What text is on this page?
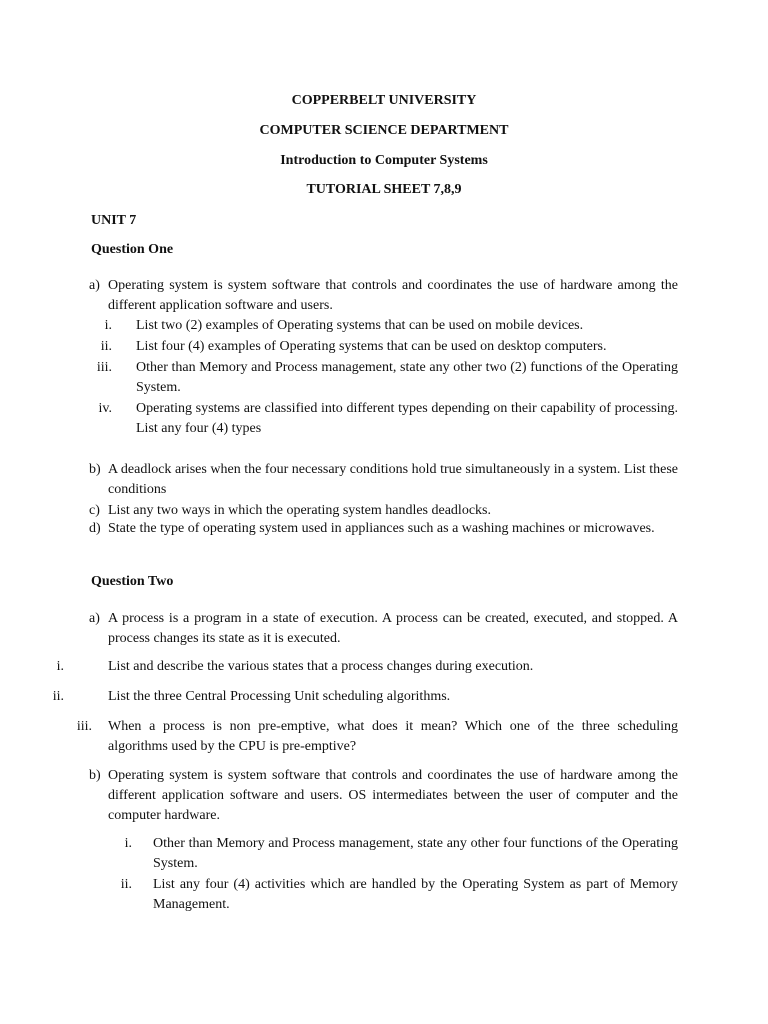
COPPERBELT UNIVERSITY
COMPUTER SCIENCE DEPARTMENT
Introduction to Computer Systems
TUTORIAL SHEET 7,8,9
UNIT 7
Question One
a) Operating system is system software that controls and coordinates the use of hardware among the different application software and users.
i. List two (2) examples of Operating systems that can be used on mobile devices.
ii. List four (4) examples of Operating systems that can be used on desktop computers.
iii. Other than Memory and Process management, state any other two (2) functions of the Operating System.
iv. Operating systems are classified into different types depending on their capability of processing. List any four (4) types
b) A deadlock arises when the four necessary conditions hold true simultaneously in a system. List these conditions
c) List any two ways in which the operating system handles deadlocks.
d) State the type of operating system used in appliances such as a washing machines or microwaves.
Question Two
a) A process is a program in a state of execution. A process can be created, executed, and stopped. A process changes its state as it is executed.
i.	List and describe the various states that a process changes during execution.
ii.	List the three Central Processing Unit scheduling algorithms.
iii. When a process is non pre-emptive, what does it mean? Which one of the three scheduling algorithms used by the CPU is pre-emptive?
b) Operating system is system software that controls and coordinates the use of hardware among the different application software and users. OS intermediates between the user of computer and the computer hardware.
i. Other than Memory and Process management, state any other four functions of the Operating System.
ii. List any four (4) activities which are handled by the Operating System as part of Memory Management.
